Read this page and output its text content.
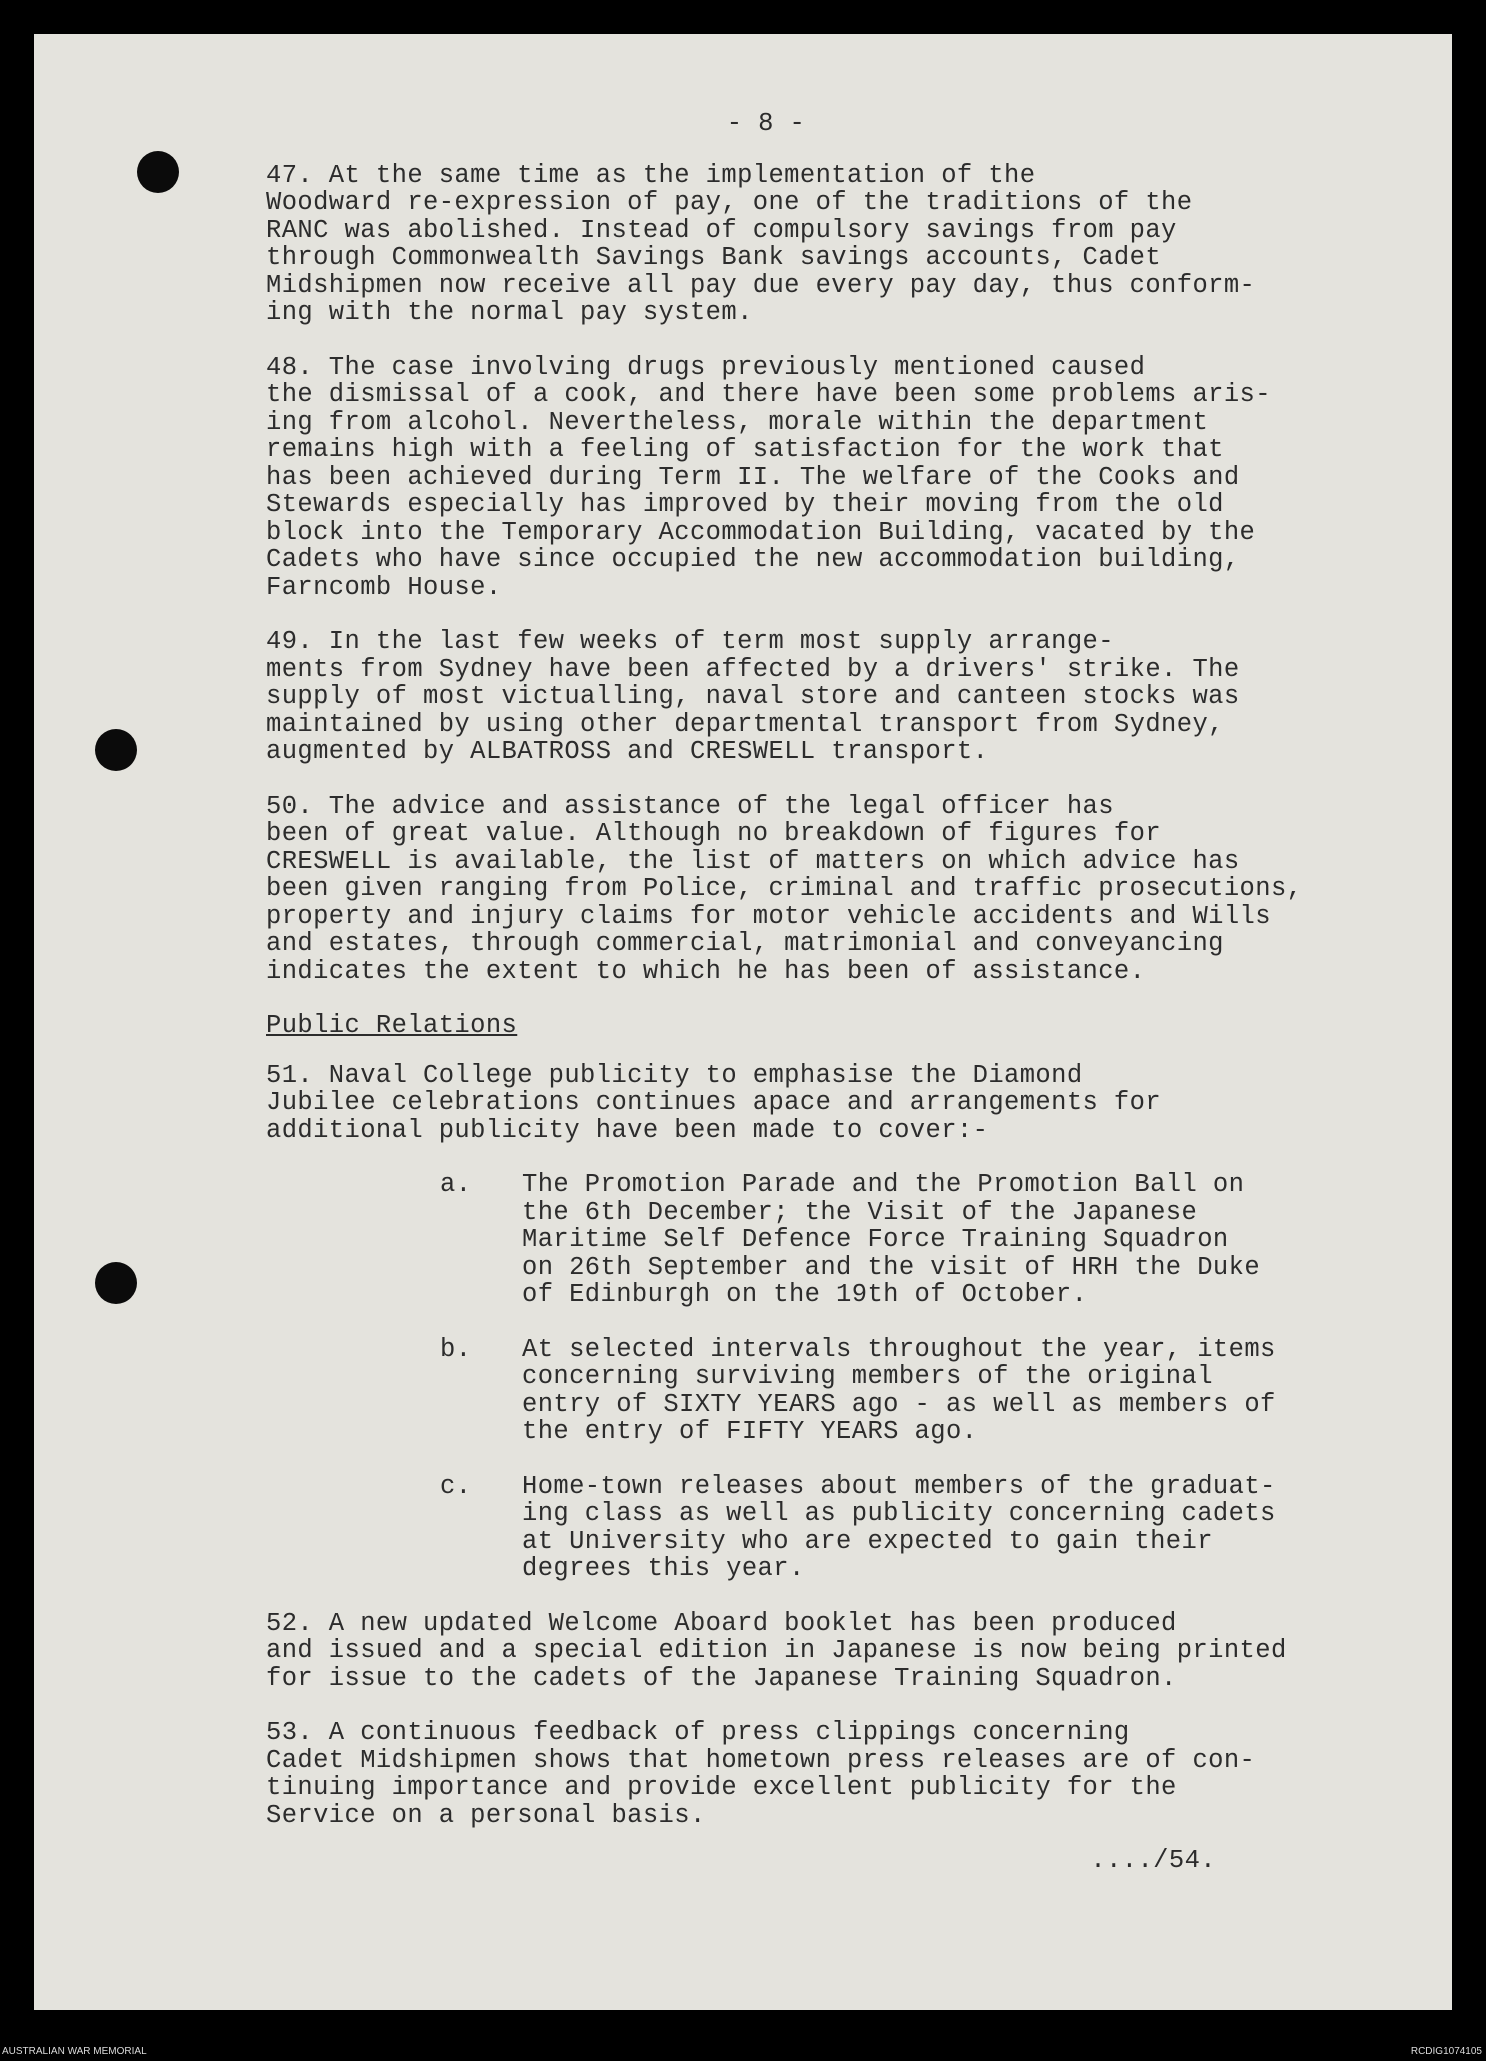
- 8 -
47. At the same time as the implementation of the
Woodward re-expression of pay, one of the traditions of the
RANC was abolished. Instead of compulsory savings from pay
through Commonwealth Savings Bank savings accounts, Cadet
Midshipmen now receive all pay due every pay day, thus conform-
ing with the normal pay system.
48. The case involving drugs previously mentioned caused
the dismissal of a cook, and there have been some problems aris-
ing from alcohol. Nevertheless, morale within the department
remains high with a feeling of satisfaction for the work that
has been achieved during Term II. The welfare of the Cooks and
Stewards especially has improved by their moving from the old
block into the Temporary Accommodation Building, vacated by the
Cadets who have since occupied the new accommodation building,
Farncomb House.
49. In the last few weeks of term most supply arrange-
ments from Sydney have been affected by a drivers' strike. The
supply of most victualling, naval store and canteen stocks was
maintained by using other departmental transport from Sydney,
augmented by ALBATROSS and CRESWELL transport.
50. The advice and assistance of the legal officer has
been of great value. Although no breakdown of figures for
CRESWELL is available, the list of matters on which advice has
been given ranging from Police, criminal and traffic prosecutions,
property and injury claims for motor vehicle accidents and Wills
and estates, through commercial, matrimonial and conveyancing
indicates the extent to which he has been of assistance.
Public Relations
51. Naval College publicity to emphasise the Diamond
Jubilee celebrations continues apace and arrangements for
additional publicity have been made to cover:-
a.	The Promotion Parade and the Promotion Ball on
the 6th December; the Visit of the Japanese
Maritime Self Defence Force Training Squadron
on 26th September and the visit of HRH the Duke
of Edinburgh on the 19th of October.
b.	At selected intervals throughout the year, items
concerning surviving members of the original
entry of SIXTY YEARS ago - as well as members of
the entry of FIFTY YEARS ago.
c.	Home-town releases about members of the graduat-
ing class as well as publicity concerning cadets
at University who are expected to gain their
degrees this year.
52. A new updated Welcome Aboard booklet has been produced
and issued and a special edition in Japanese is now being printed
for issue to the cadets of the Japanese Training Squadron.
53. A continuous feedback of press clippings concerning
Cadet Midshipmen shows that hometown press releases are of con-
tinuing importance and provide excellent publicity for the
Service on a personal basis.
..../54.
AUSTRALIAN WAR MEMORIAL	RCDIG1074105
